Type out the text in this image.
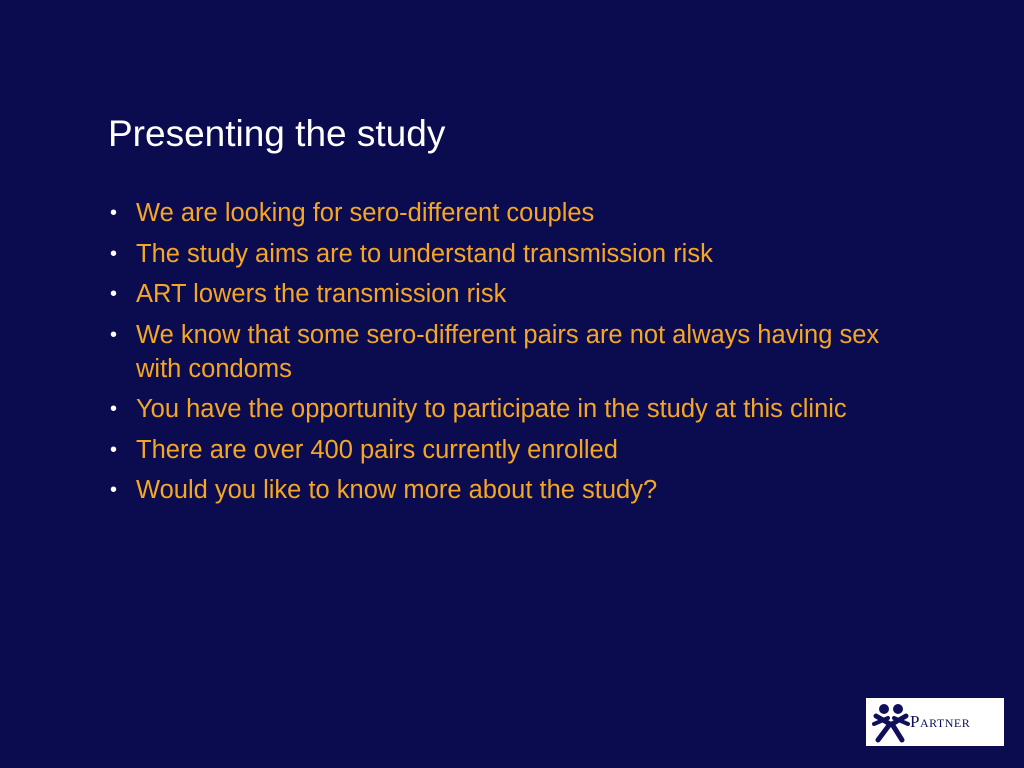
Presenting the study
• We are looking for sero-different couples
• The study aims are to understand transmission risk
• ART lowers the transmission risk
• We know that some sero-different pairs are not always having sex with condoms
• You have the opportunity to participate in the study at this clinic
• There are over 400 pairs currently enrolled
• Would you like to know more about the study?
Partner
